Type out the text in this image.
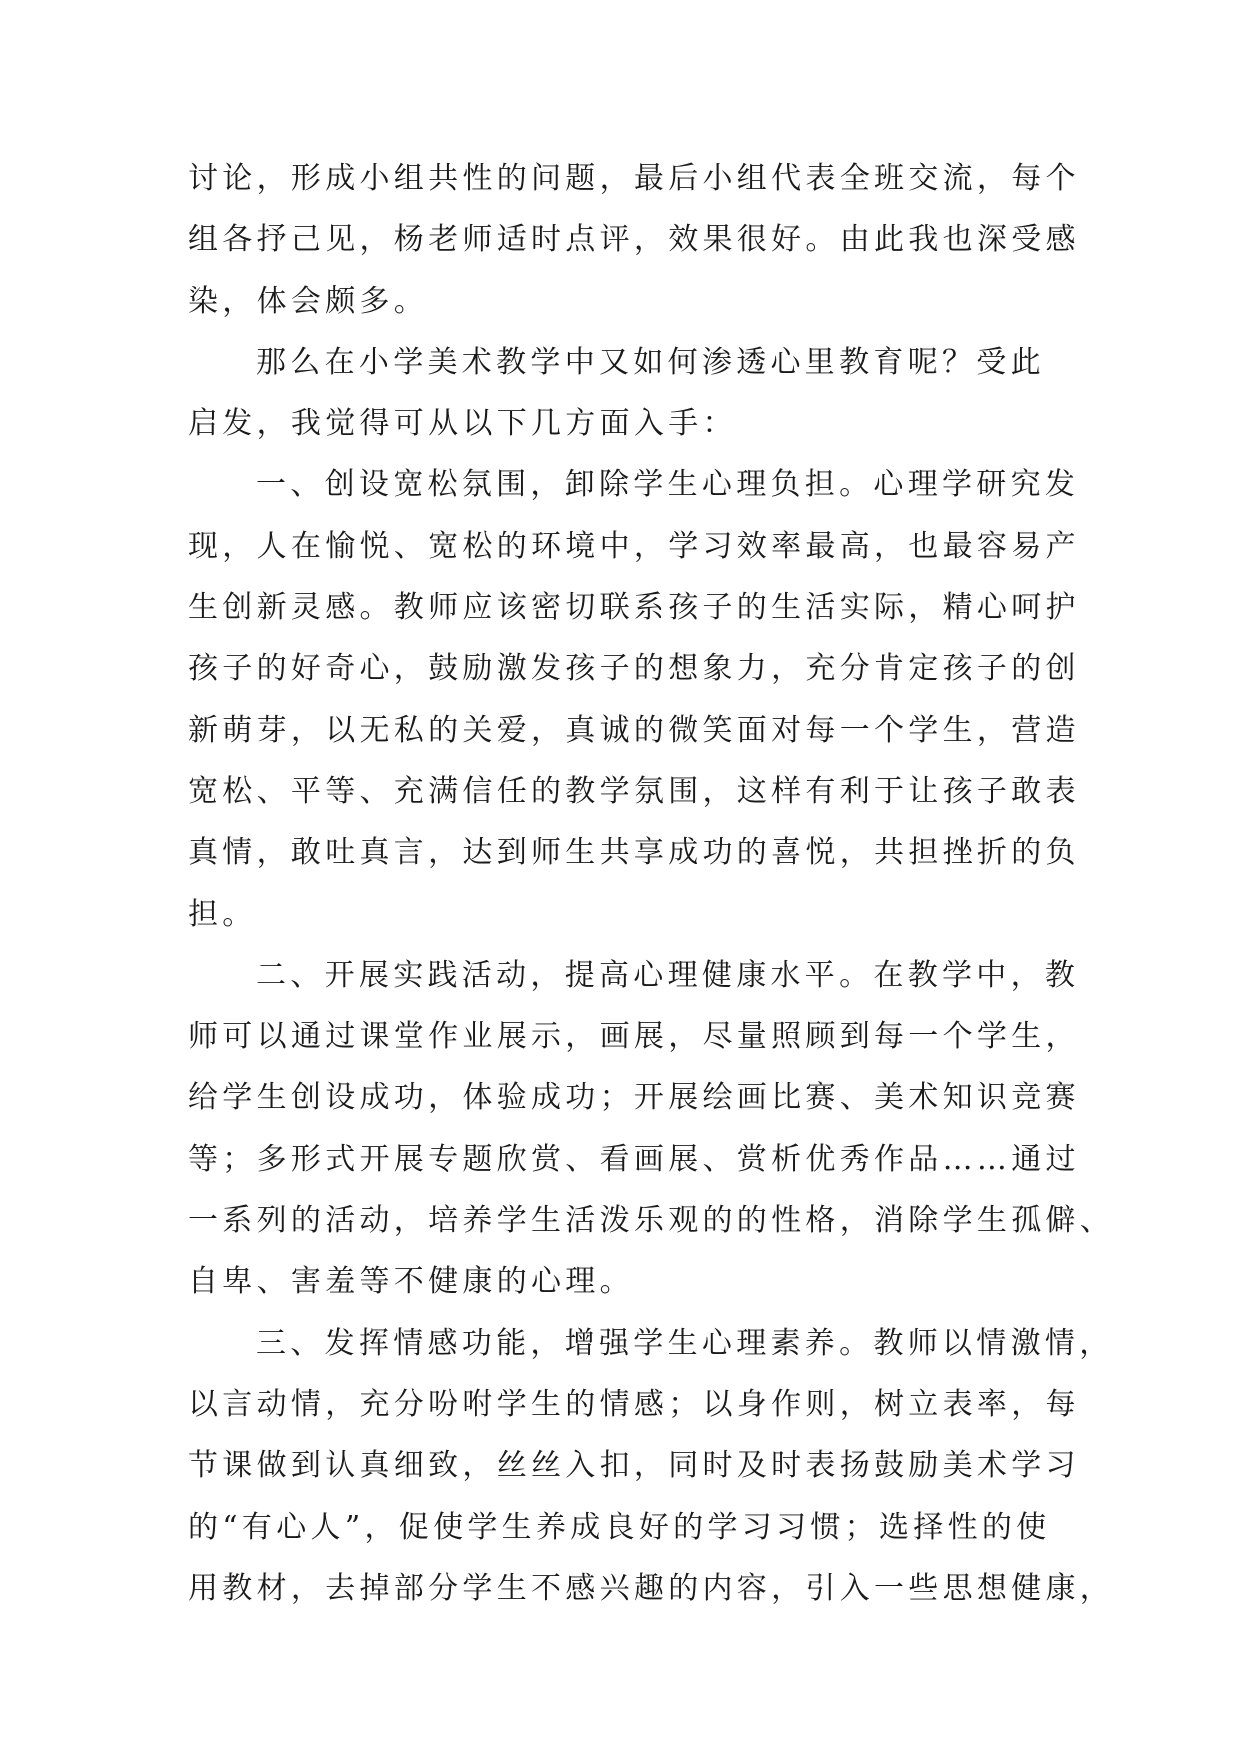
讨论，形成小组共性的问题，最后小组代表全班交流，每个
组各抒己见，杨老师适时点评，效果很好。由此我也深受感
染，体会颇多。
那么在小学美术教学中又如何渗透心里教育呢？受此
启发，我觉得可从以下几方面入手：
一、创设宽松氛围，卸除学生心理负担。心理学研究发
现，人在愉悦、宽松的环境中，学习效率最高，也最容易产
生创新灵感。教师应该密切联系孩子的生活实际，精心呵护
孩子的好奇心，鼓励激发孩子的想象力，充分肯定孩子的创
新萌芽，以无私的关爱，真诚的微笑面对每一个学生，营造
宽松、平等、充满信任的教学氛围，这样有利于让孩子敢表
真情，敢吐真言，达到师生共享成功的喜悦，共担挫折的负
担。
二、开展实践活动，提高心理健康水平。在教学中，教
师可以通过课堂作业展示，画展，尽量照顾到每一个学生，
给学生创设成功，体验成功；开展绘画比赛、美术知识竞赛
等；多形式开展专题欣赏、看画展、赏析优秀作品……通过
一系列的活动，培养学生活泼乐观的的性格，消除学生孤僻、
自卑、害羞等不健康的心理。
三、发挥情感功能，增强学生心理素养。教师以情激情，
以言动情，充分吩咐学生的情感；以身作则，树立表率，每
节课做到认真细致，丝丝入扣，同时及时表扬鼓励美术学习
的“有心人”，促使学生养成良好的学习习惯；选择性的使
用教材，去掉部分学生不感兴趣的内容，引入一些思想健康，
